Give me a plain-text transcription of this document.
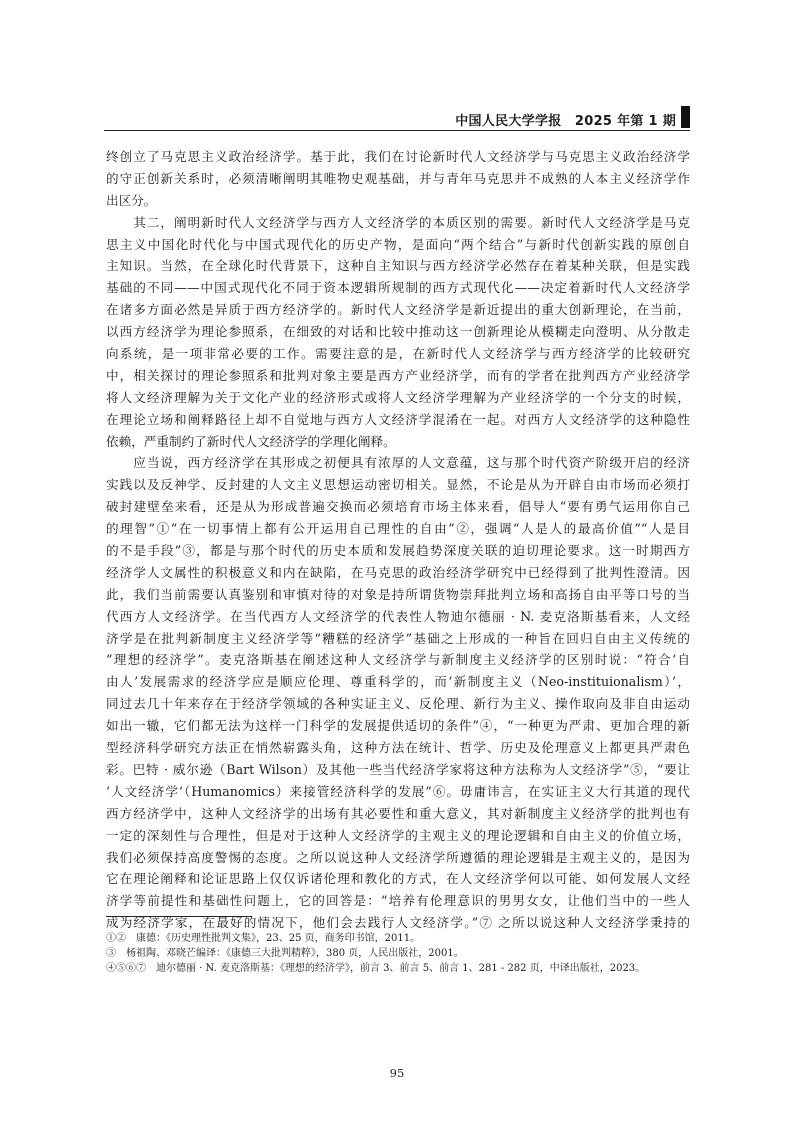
中国人民大学学报　2025 年第 1 期
终创立了马克思主义政治经济学。基于此，我们在讨论新时代人文经济学与马克思主义政治经济学
的守正创新关系时，必须清晰阐明其唯物史观基础，并与青年马克思并不成熟的人本主义经济学作
出区分。
　　其二，阐明新时代人文经济学与西方人文经济学的本质区别的需要。新时代人文经济学是马克
思主义中国化时代化与中国式现代化的历史产物，是面向“两个结合”与新时代创新实践的原创自
主知识。当然，在全球化时代背景下，这种自主知识与西方经济学必然存在着某种关联，但是实践
基础的不同——中国式现代化不同于资本逻辑所规制的西方式现代化——决定着新时代人文经济学
在诸多方面必然是异质于西方经济学的。新时代人文经济学是新近提出的重大创新理论，在当前，
以西方经济学为理论参照系，在细致的对话和比较中推动这一创新理论从模糊走向澄明、从分散走
向系统，是一项非常必要的工作。需要注意的是，在新时代人文经济学与西方经济学的比较研究
中，相关探讨的理论参照系和批判对象主要是西方产业经济学，而有的学者在批判西方产业经济学
将人文经济理解为关于文化产业的经济形式或将人文经济学理解为产业经济学的一个分支的时候，
在理论立场和阐释路径上却不自觉地与西方人文经济学混淆在一起。对西方人文经济学的这种隐性
依赖，严重制约了新时代人文经济学的学理化阐释。
　　应当说，西方经济学在其形成之初便具有浓厚的人文意蕴，这与那个时代资产阶级开启的经济
实践以及反神学、反封建的人文主义思想运动密切相关。显然，不论是从为开辟自由市场而必须打
破封建壁垒来看，还是从为形成普遍交换而必须培育市场主体来看，倡导人“要有勇气运用你自己
的理智”①“在一切事情上都有公开运用自己理性的自由”②，强调“人是人的最高价值”“人是目
的不是手段”③，都是与那个时代的历史本质和发展趋势深度关联的迫切理论要求。这一时期西方
经济学人文属性的积极意义和内在缺陷，在马克思的政治经济学研究中已经得到了批判性澄清。因
此，我们当前需要认真鉴别和审慎对待的对象是持所谓货物崇拜批判立场和高扬自由平等口号的当
代西方人文经济学。在当代西方人文经济学的代表性人物迪尔德丽 · N. 麦克洛斯基看来，人文经
济学是在批判新制度主义经济学等“糟糕的经济学”基础之上形成的一种旨在回归自由主义传统的
“理想的经济学”。麦克洛斯基在阐述这种人文经济学与新制度主义经济学的区别时说：“符合‘自
由人’发展需求的经济学应是顺应伦理、尊重科学的，而‘新制度主义（Neo-instituionalism）’，
同过去几十年来存在于经济学领域的各种实证主义、反伦理、新行为主义、操作取向及非自由运动
如出一辙，它们都无法为这样一门科学的发展提供适切的条件”④，“一种更为严肃、更加合理的新
型经济科学研究方法正在悄然崭露头角，这种方法在统计、哲学、历史及伦理意义上都更具严肃色
彩。巴特 · 威尔逊（Bart Wilson）及其他一些当代经济学家将这种方法称为人文经济学”⑤，“要让
‘人文经济学’（Humanomics）来接管经济科学的发展”⑥。毋庸讳言，在实证主义大行其道的现代
西方经济学中，这种人文经济学的出场有其必要性和重大意义，其对新制度主义经济学的批判也有
一定的深刻性与合理性，但是对于这种人文经济学的主观主义的理论逻辑和自由主义的价值立场，
我们必须保持高度警惕的态度。之所以说这种人文经济学所遵循的理论逻辑是主观主义的，是因为
它在理论阐释和论证思路上仅仅诉诸伦理和教化的方式，在人文经济学何以可能、如何发展人文经
济学等前提性和基础性问题上，它的回答是：“培养有伦理意识的男男女女，让他们当中的一些人
成为经济学家，在最好的情况下，他们会去践行人文经济学。”⑦ 之所以说这种人文经济学秉持的
①②　康德：《历史理性批判文集》，23、25 页，商务印书馆，2011。
③　杨祖陶、邓晓芒编译：《康德三大批判精粹》，380 页，人民出版社，2001。
④⑤⑥⑦　迪尔德丽 · N. 麦克洛斯基：《理想的经济学》，前言 3、前言 5、前言 1、281 - 282 页，中译出版社，2023。
95
